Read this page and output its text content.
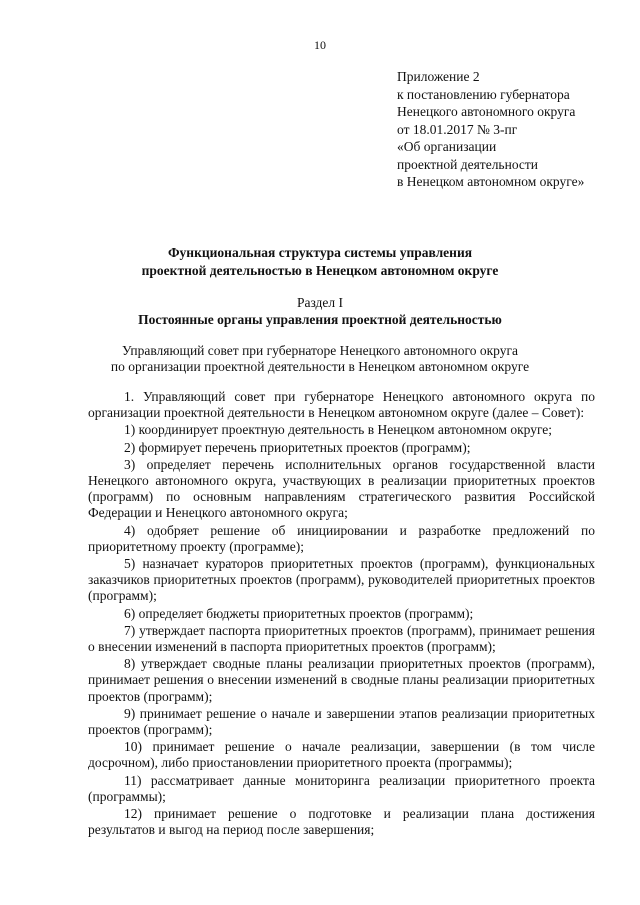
10
Приложение 2
к постановлению губернатора
Ненецкого автономного округа
от 18.01.2017 № 3-пг
«Об организации
проектной деятельности
в Ненецком автономном округе»
Функциональная структура системы управления
проектной деятельностью в Ненецком автономном округе
Раздел I
Постоянные органы управления проектной деятельностью
Управляющий совет при губернаторе Ненецкого автономного округа
по организации проектной деятельности в Ненецком автономном округе

1. Управляющий совет при губернаторе Ненецкого автономного округа по организации проектной деятельности в Ненецком автономном округе (далее – Совет):

1) координирует проектную деятельность в Ненецком автономном округе;

2) формирует перечень приоритетных проектов (программ);

3) определяет перечень исполнительных органов государственной власти Ненецкого автономного округа, участвующих в реализации приоритетных проектов (программ) по основным направлениям стратегического развития Российской Федерации и Ненецкого автономного округа;

4) одобряет решение об инициировании и разработке предложений по приоритетному проекту (программе);

5) назначает кураторов приоритетных проектов (программ), функциональных заказчиков приоритетных проектов (программ), руководителей приоритетных проектов (программ);

6) определяет бюджеты приоритетных проектов (программ);

7) утверждает паспорта приоритетных проектов (программ), принимает решения о внесении изменений в паспорта приоритетных проектов (программ);

8) утверждает сводные планы реализации приоритетных проектов (программ), принимает решения о внесении изменений в сводные планы реализации приоритетных проектов (программ);

9) принимает решение о начале и завершении этапов реализации приоритетных проектов (программ);

10) принимает решение о начале реализации, завершении (в том числе досрочном), либо приостановлении приоритетного проекта (программы);

11) рассматривает данные мониторинга реализации приоритетного проекта (программы);

12) принимает решение о подготовке и реализации плана достижения результатов и выгод на период после завершения;
